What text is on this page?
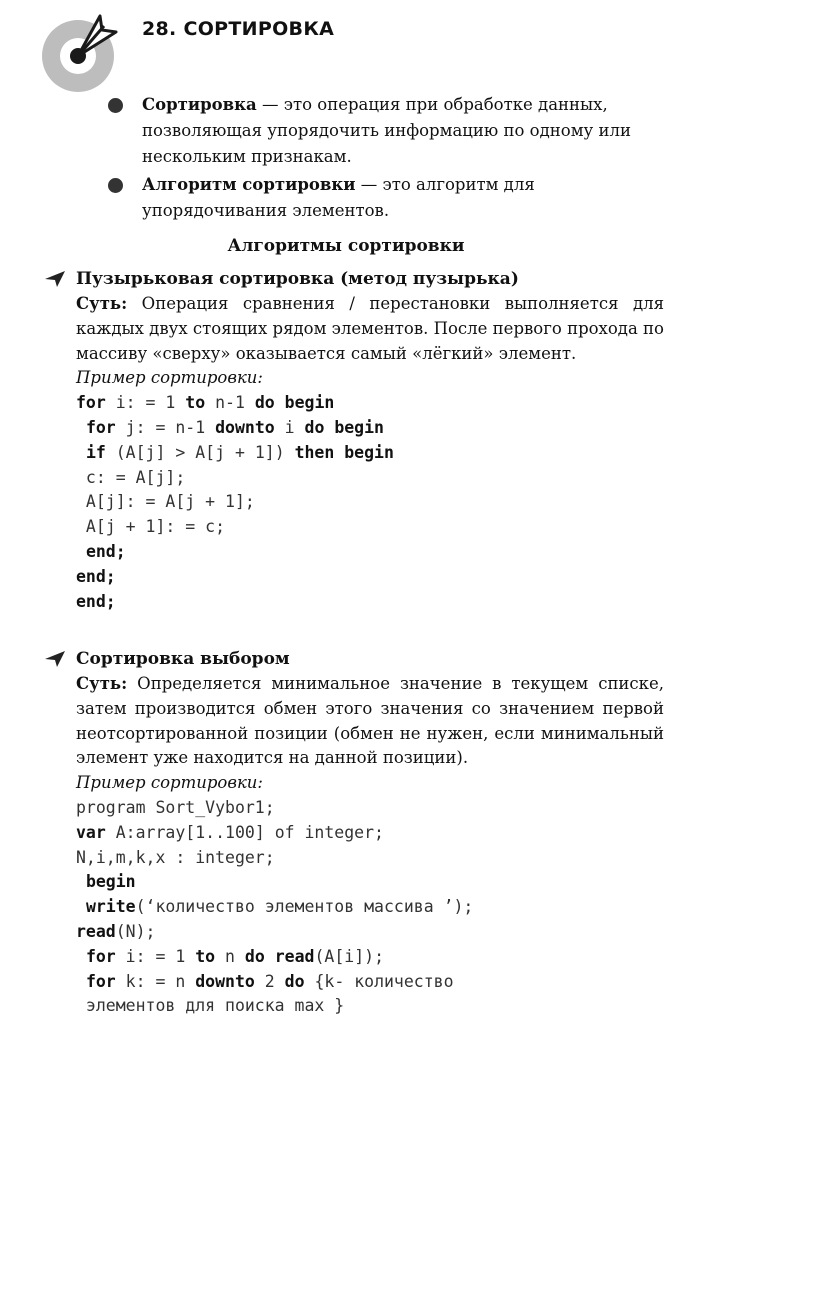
28. СОРТИРОВКА
Сортировка — это операция при обработке данных, позволяющая упорядочить информацию по одному или нескольким признакам.
Алгоритм сортировки — это алгоритм для упорядочивания элементов.
Алгоритмы сортировки
Пузырьковая сортировка (метод пузырька)
Суть: Операция сравнения / перестановки выполняется для каждых двух стоящих рядом элементов. После первого прохода по массиву «сверху» оказывается самый «лёгкий» элемент.
Пример сортировки:
for i: = 1 to n-1 do begin
for j: = n-1 downto i do begin
if (A[j] > A[j + 1]) then begin
c: = A[j];
A[j]: = A[j + 1];
A[j + 1]: = c;
end;
end;
end;
Сортировка выбором
Суть: Определяется минимальное значение в текущем списке, затем производится обмен этого значения со значением первой неотсортированной позиции (обмен не нужен, если минимальный элемент уже находится на данной позиции).
Пример сортировки:
program Sort_Vybor1;
var A:array[1..100] of integer;
N,i,m,k,x : integer;
begin
write(‘количество элементов массива ’);
read(N);
for i: = 1 to n do read(A[i]);
for k: = n downto 2 do {k- количество
элементов для поиска max }
